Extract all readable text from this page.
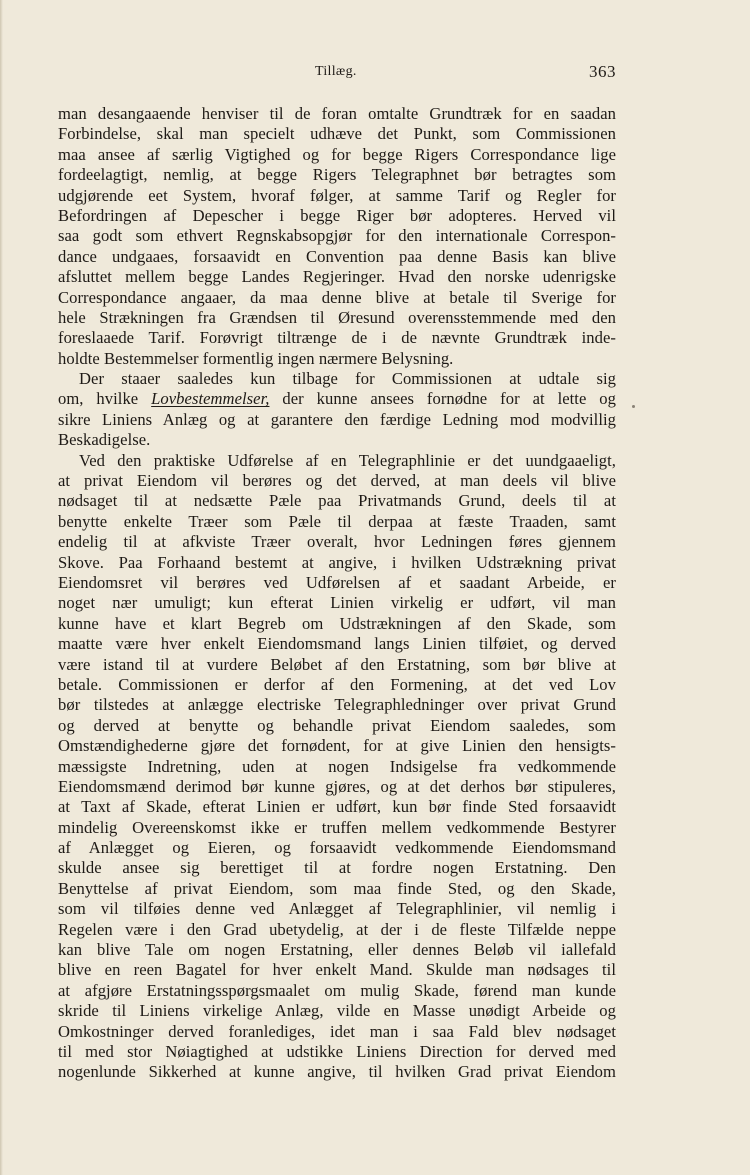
Tillæg.	363
man desangaaende henviser til de foran omtalte Grundtræk for en saadan
Forbindelse, skal man specielt udhæve det Punkt, som Commissionen
maa ansee af særlig Vigtighed og for begge Rigers Correspondance lige
fordeelagtigt, nemlig, at begge Rigers Telegraphnet bør betragtes som
udgjørende eet System, hvoraf følger, at samme Tarif og Regler for
Befordringen af Depescher i begge Riger bør adopteres. Herved vil
saa godt som ethvert Regnskabsopgjør for den internationale Correspon-
dance undgaaes, forsaavidt en Convention paa denne Basis kan blive
afsluttet mellem begge Landes Regjeringer. Hvad den norske udenrigske
Correspondance angaaer, da maa denne blive at betale til Sverige for
hele Strækningen fra Grændsen til Øresund overensstemmende med den
foreslaaede Tarif. Forøvrigt tiltrænge de i de nævnte Grundtræk inde-
holdte Bestemmelser formentlig ingen nærmere Belysning.
Der staaer saaledes kun tilbage for Commissionen at udtale sig
om, hvilke Lovbestemmelser, der kunne ansees fornødne for at lette og
sikre Liniens Anlæg og at garantere den færdige Ledning mod modvillig
Beskadigelse.
Ved den praktiske Udførelse af en Telegraphlinie er det uundgaaeligt,
at privat Eiendom vil berøres og det derved, at man deels vil blive
nødsaget til at nedsætte Pæle paa Privatmands Grund, deels til at
benytte enkelte Træer som Pæle til derpaa at fæste Traaden, samt
endelig til at afkviste Træer overalt, hvor Ledningen føres gjennem
Skove. Paa Forhaand bestemt at angive, i hvilken Udstrækning privat
Eiendomsret vil berøres ved Udførelsen af et saadant Arbeide, er
noget nær umuligt; kun efterat Linien virkelig er udført, vil man
kunne have et klart Begreb om Udstrækningen af den Skade, som
maatte være hver enkelt Eiendomsmand langs Linien tilføiet, og derved
være istand til at vurdere Beløbet af den Erstatning, som bør blive at
betale. Commissionen er derfor af den Formening, at det ved Lov
bør tilstedes at anlægge electriske Telegraphledninger over privat Grund
og derved at benytte og behandle privat Eiendom saaledes, som
Omstændighederne gjøre det fornødent, for at give Linien den hensigts-
mæssigste Indretning, uden at nogen Indsigelse fra vedkommende
Eiendomsmænd derimod bør kunne gjøres, og at det derhos bør stipuleres,
at Taxt af Skade, efterat Linien er udført, kun bør finde Sted forsaavidt
mindelig Overeenskomst ikke er truffen mellem vedkommende Bestyrer
af Anlægget og Eieren, og forsaavidt vedkommende Eiendomsmand
skulde ansee sig berettiget til at fordre nogen Erstatning. Den
Benyttelse af privat Eiendom, som maa finde Sted, og den Skade,
som vil tilføies denne ved Anlægget af Telegraphlinier, vil nemlig i
Regelen være i den Grad ubetydelig, at der i de fleste Tilfælde neppe
kan blive Tale om nogen Erstatning, eller dennes Beløb vil iallefald
blive en reen Bagatel for hver enkelt Mand. Skulde man nødsages til
at afgjøre Erstatningsspørgsmaalet om mulig Skade, førend man kunde
skride til Liniens virkelige Anlæg, vilde en Masse unødigt Arbeide og
Omkostninger derved foranlediges, idet man i saa Fald blev nødsaget
til med stor Nøiagtighed at udstikke Liniens Direction for derved med
nogenlunde Sikkerhed at kunne angive, til hvilken Grad privat Eiendom
